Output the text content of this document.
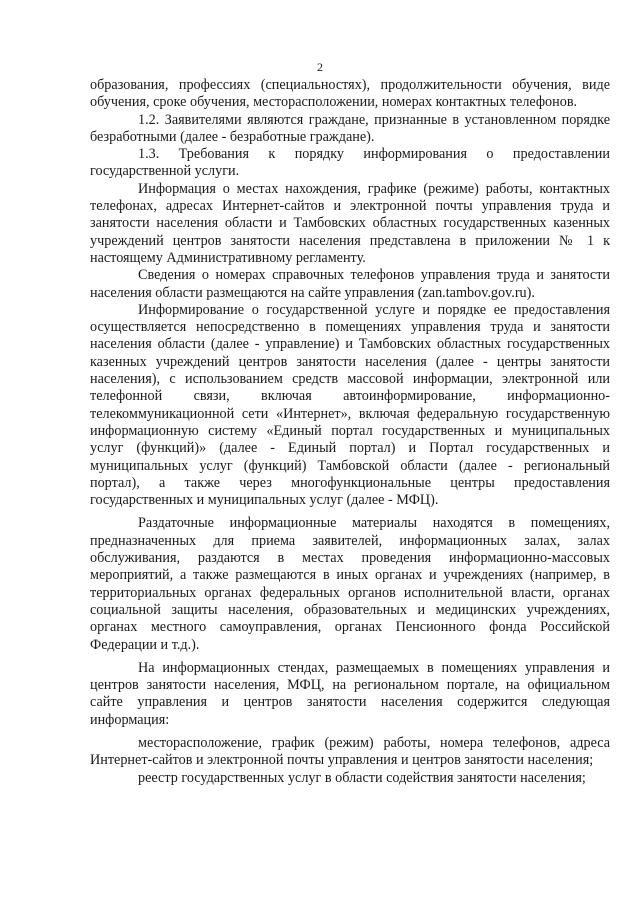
2

образования, профессиях (специальностях), продолжительности обучения, виде обучения, сроке обучения, месторасположении, номерах контактных телефонов.

1.2. Заявителями являются граждане, признанные в установленном порядке безработными (далее - безработные граждане).

1.3. Требования к порядку информирования о предоставлении государственной услуги.

Информация о местах нахождения, графике (режиме) работы, контактных телефонах, адресах Интернет-сайтов и электронной почты управления труда и занятости населения области и Тамбовских областных государственных казенных учреждений центров занятости населения представлена в приложении № 1 к настоящему Административному регламенту.

Сведения о номерах справочных телефонов управления труда и занятости населения области размещаются на сайте управления (zan.tambov.gov.ru).

Информирование о государственной услуге и порядке ее предоставления осуществляется непосредственно в помещениях управления труда и занятости населения области (далее - управление) и Тамбовских областных государственных казенных учреждений центров занятости населения (далее - центры занятости населения), с использованием средств массовой информации, электронной или телефонной связи, включая автоинформирование, информационно-телекоммуникационной сети «Интернет», включая федеральную государственную информационную систему «Единый портал государственных и муниципальных услуг (функций)» (далее - Единый портал) и Портал государственных и муниципальных услуг (функций) Тамбовской области (далее - региональный портал), а также через многофункциональные центры предоставления государственных и муниципальных услуг (далее - МФЦ).

Раздаточные информационные материалы находятся в помещениях, предназначенных для приема заявителей, информационных залах, залах обслуживания, раздаются в местах проведения информационно-массовых мероприятий, а также размещаются в иных органах и учреждениях (например, в территориальных органах федеральных органов исполнительной власти, органах социальной защиты населения, образовательных и медицинских учреждениях, органах местного самоуправления, органах Пенсионного фонда Российской Федерации и т.д.).

На информационных стендах, размещаемых в помещениях управления и центров занятости населения, МФЦ, на региональном портале, на официальном сайте управления и центров занятости населения содержится следующая информация:

месторасположение, график (режим) работы, номера телефонов, адреса Интернет-сайтов и электронной почты управления и центров занятости населения;

реестр государственных услуг в области содействия занятости населения;
